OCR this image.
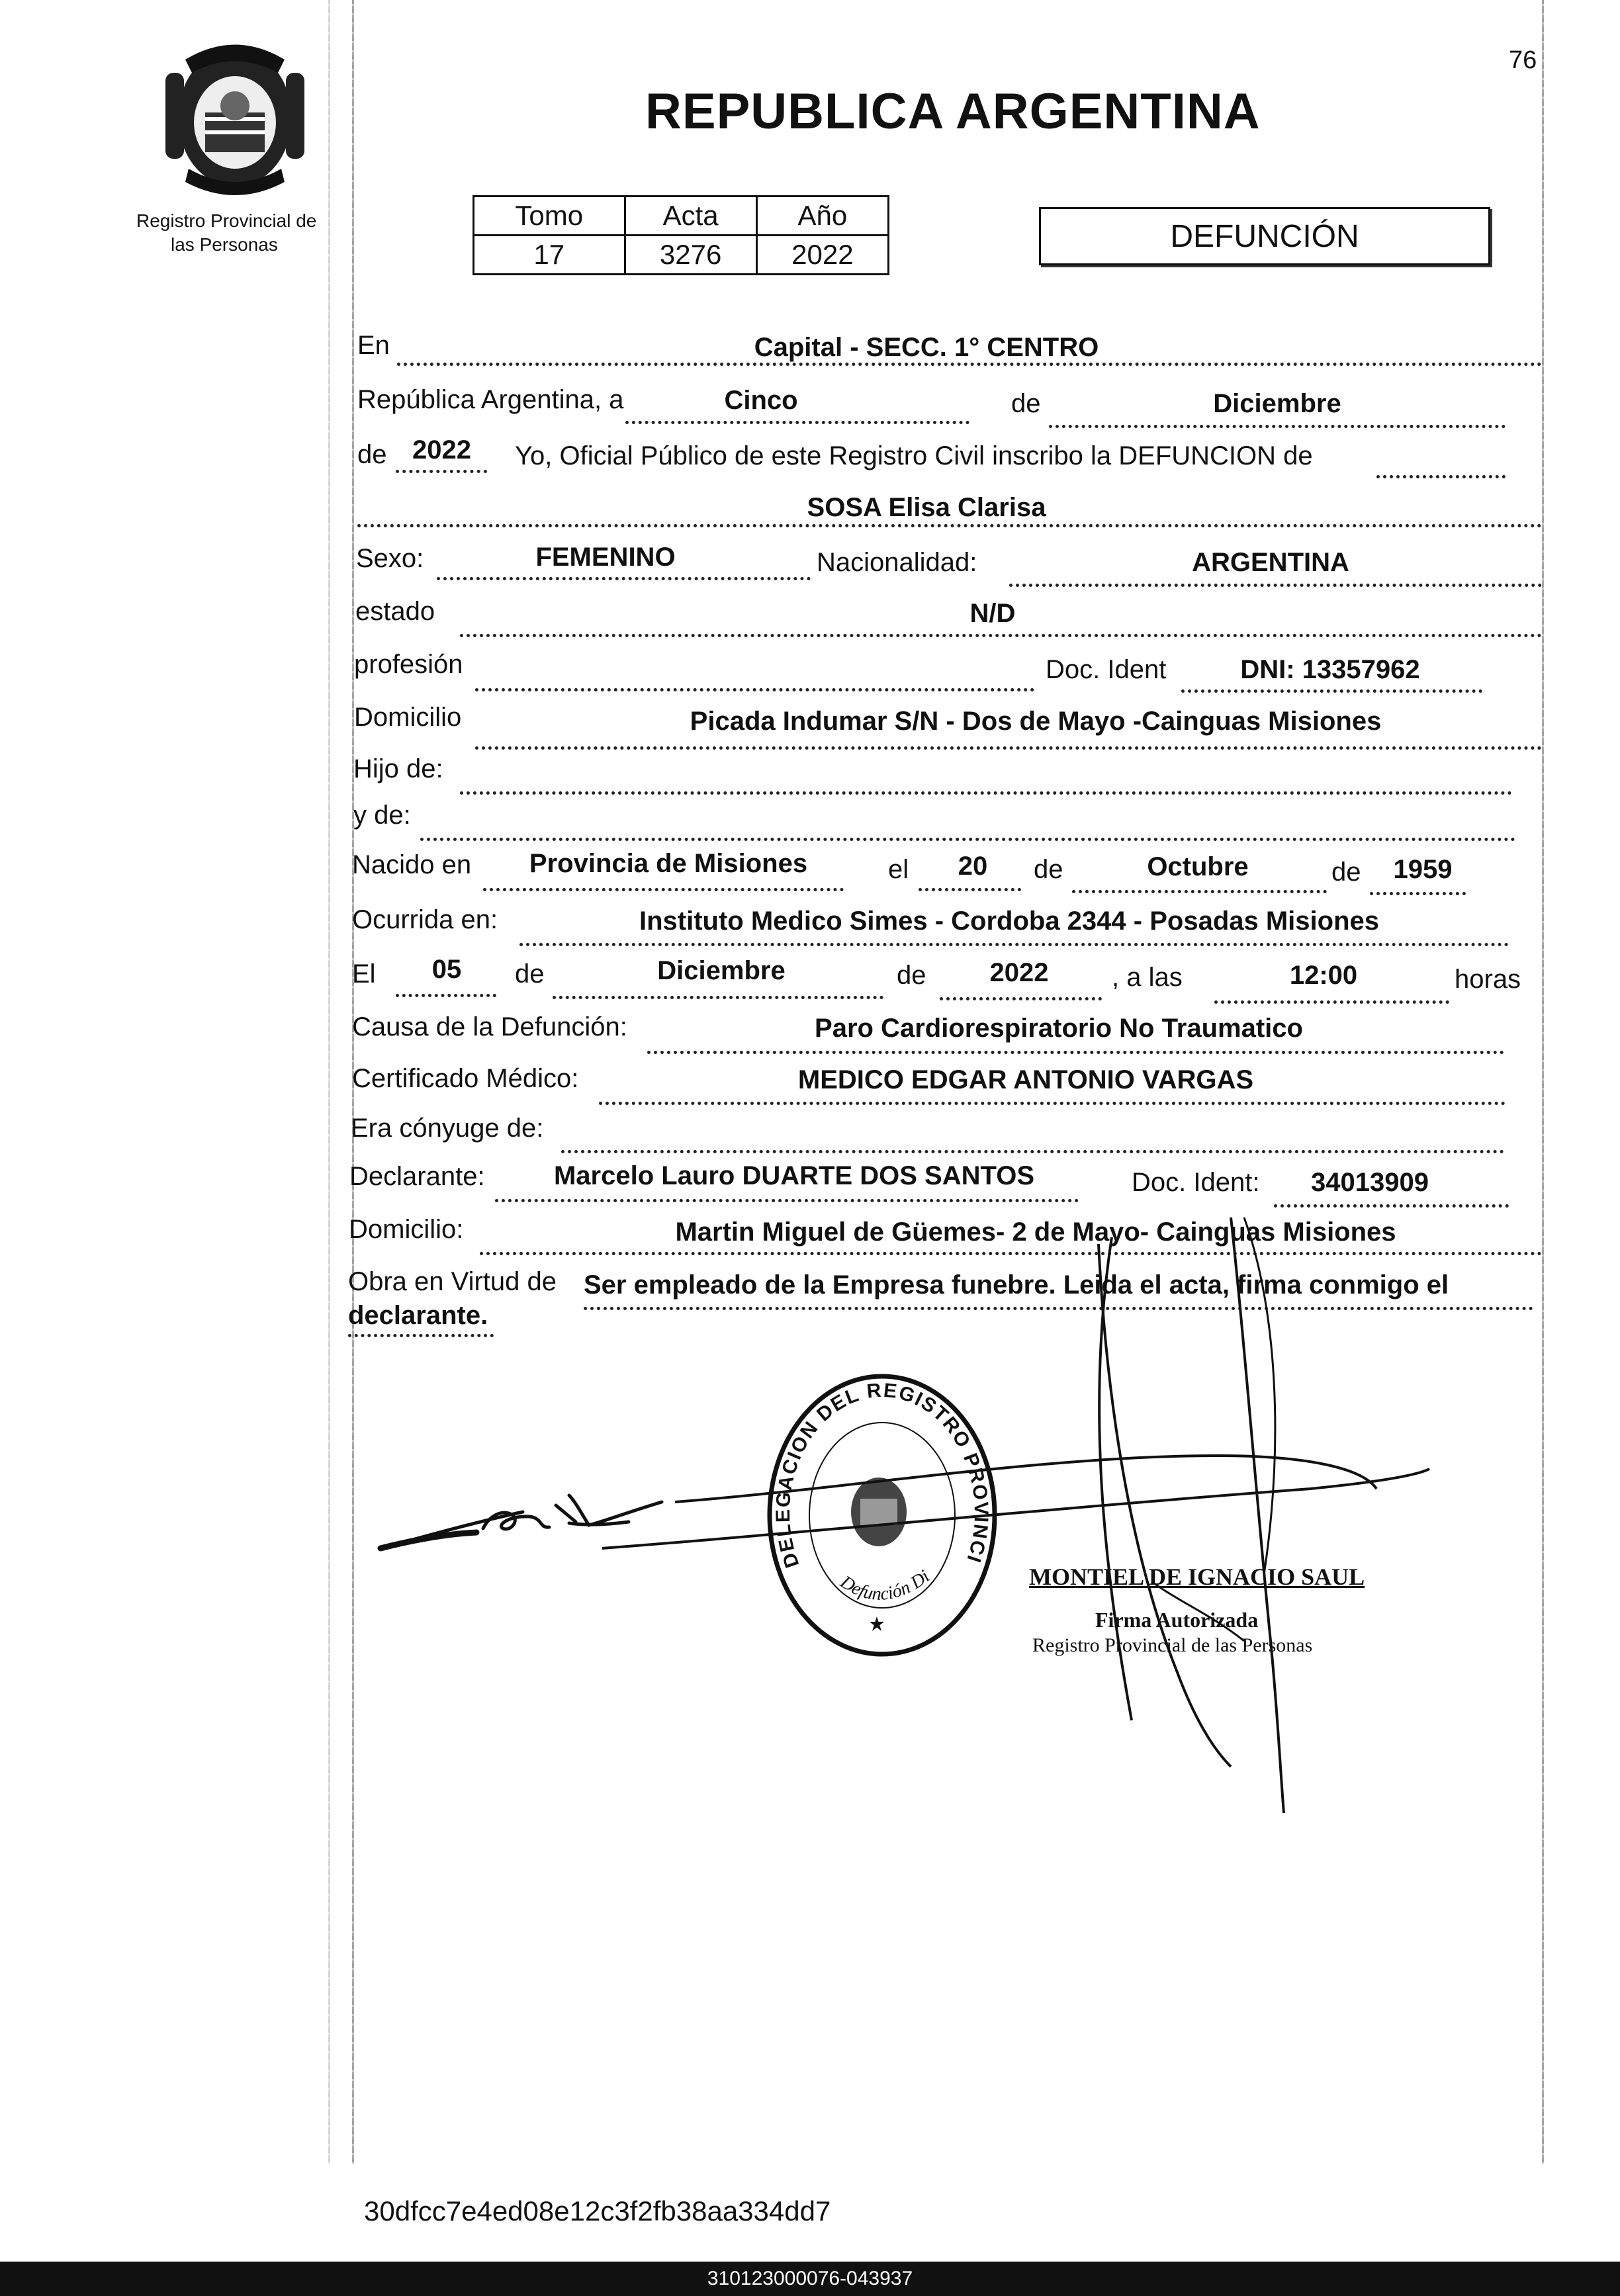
76
Registro Provincial de
las Personas
REPUBLICA ARGENTINA
Tomo	Acta	Año
17	3276	2022
DEFUNCIÓN
En	Capital - SECC. 1° CENTRO
República Argentina, a	Cinco	de	Diciembre
de 2022	Yo, Oficial Público de este Registro Civil inscribo la DEFUNCION de
SOSA Elisa Clarisa
Sexo:	FEMENINO	Nacionalidad:	ARGENTINA
estado	N/D
profesión	Doc. Ident	DNI: 13357962
Domicilio	Picada Indumar S/N - Dos de Mayo -Cainguas Misiones
Hijo de:
y de:
Nacido en	Provincia de Misiones	el	20	de	Octubre	de	1959
Ocurrida en:	Instituto Medico Simes - Cordoba 2344 - Posadas Misiones
El	05	de	Diciembre	de	2022	, a las	12:00	horas
Causa de la Defunción:	Paro Cardiorespiratorio No Traumatico
Certificado Médico:	MEDICO EDGAR ANTONIO VARGAS
Era cónyuge de:
Declarante:	Marcelo Lauro DUARTE DOS SANTOS	Doc. Ident:	34013909
Domicilio:	Martin Miguel de Güemes- 2 de Mayo- Cainguas Misiones
Obra en Virtud de Ser empleado de la Empresa funebre. Leida el acta, firma conmigo el
declarante.
DELEGACION DEL REGISTRO PROVINCI
Defunción Di	MONTIEL DE IGNACIO SAUL
Firma Autorizada
Registro Provincial de las Personas
30dfcc7e4ed08e12c3f2fb38aa334dd7
310123000076-043937
